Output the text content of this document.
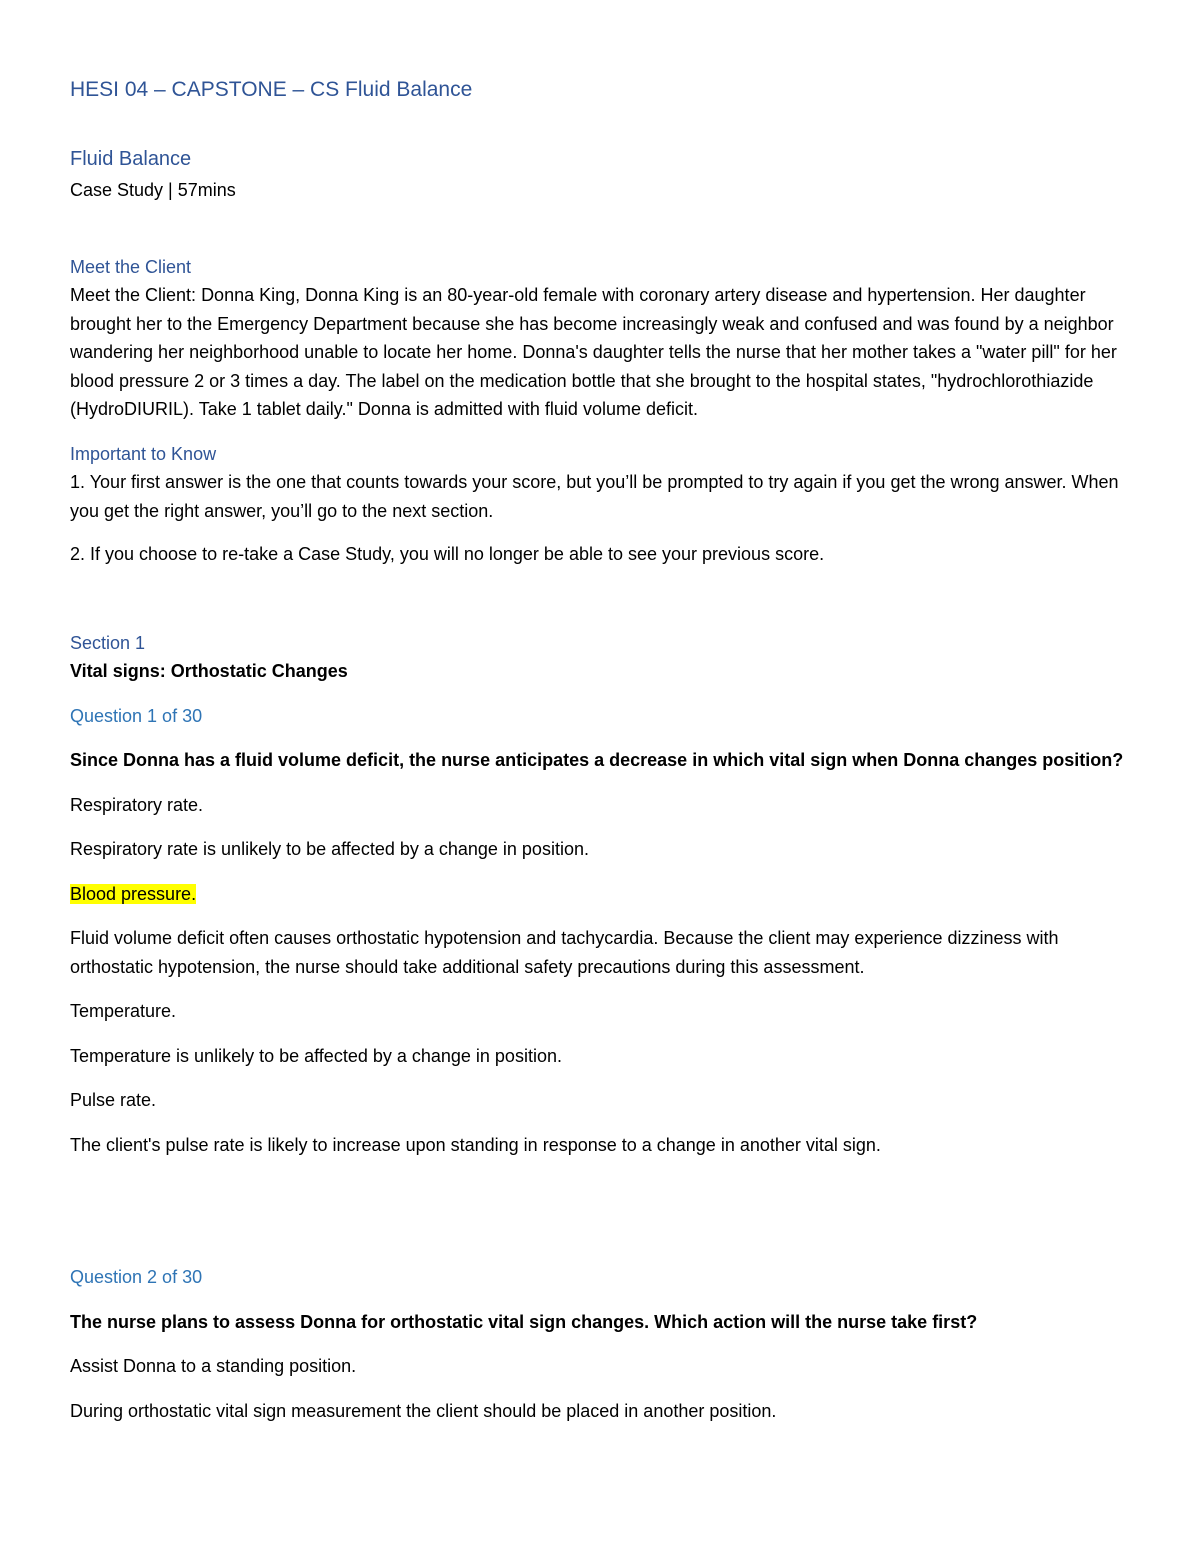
HESI 04 – CAPSTONE – CS Fluid Balance

Fluid Balance

Case Study | 57mins

Meet the Client

Meet the Client: Donna King, Donna King is an 80-year-old female with coronary artery disease and hypertension. Her daughter brought her to the Emergency Department because she has become increasingly weak and confused and was found by a neighbor wandering her neighborhood unable to locate her home. Donna's daughter tells the nurse that her mother takes a "water pill" for her blood pressure 2 or 3 times a day. The label on the medication bottle that she brought to the hospital states, "hydrochlorothiazide (HydroDIURIL). Take 1 tablet daily." Donna is admitted with fluid volume deficit.

Important to Know

1. Your first answer is the one that counts towards your score, but you’ll be prompted to try again if you get the wrong answer. When you get the right answer, you’ll go to the next section.

2. If you choose to re-take a Case Study, you will no longer be able to see your previous score.

Section 1

Vital signs: Orthostatic Changes

Question 1 of 30

Since Donna has a fluid volume deficit, the nurse anticipates a decrease in which vital sign when Donna changes position?

Respiratory rate.

Respiratory rate is unlikely to be affected by a change in position.

Blood pressure.

Fluid volume deficit often causes orthostatic hypotension and tachycardia. Because the client may experience dizziness with orthostatic hypotension, the nurse should take additional safety precautions during this assessment.

Temperature.

Temperature is unlikely to be affected by a change in position.

Pulse rate.

The client's pulse rate is likely to increase upon standing in response to a change in another vital sign.

Question 2 of 30

The nurse plans to assess Donna for orthostatic vital sign changes. Which action will the nurse take first?

Assist Donna to a standing position.

During orthostatic vital sign measurement the client should be placed in another position.
